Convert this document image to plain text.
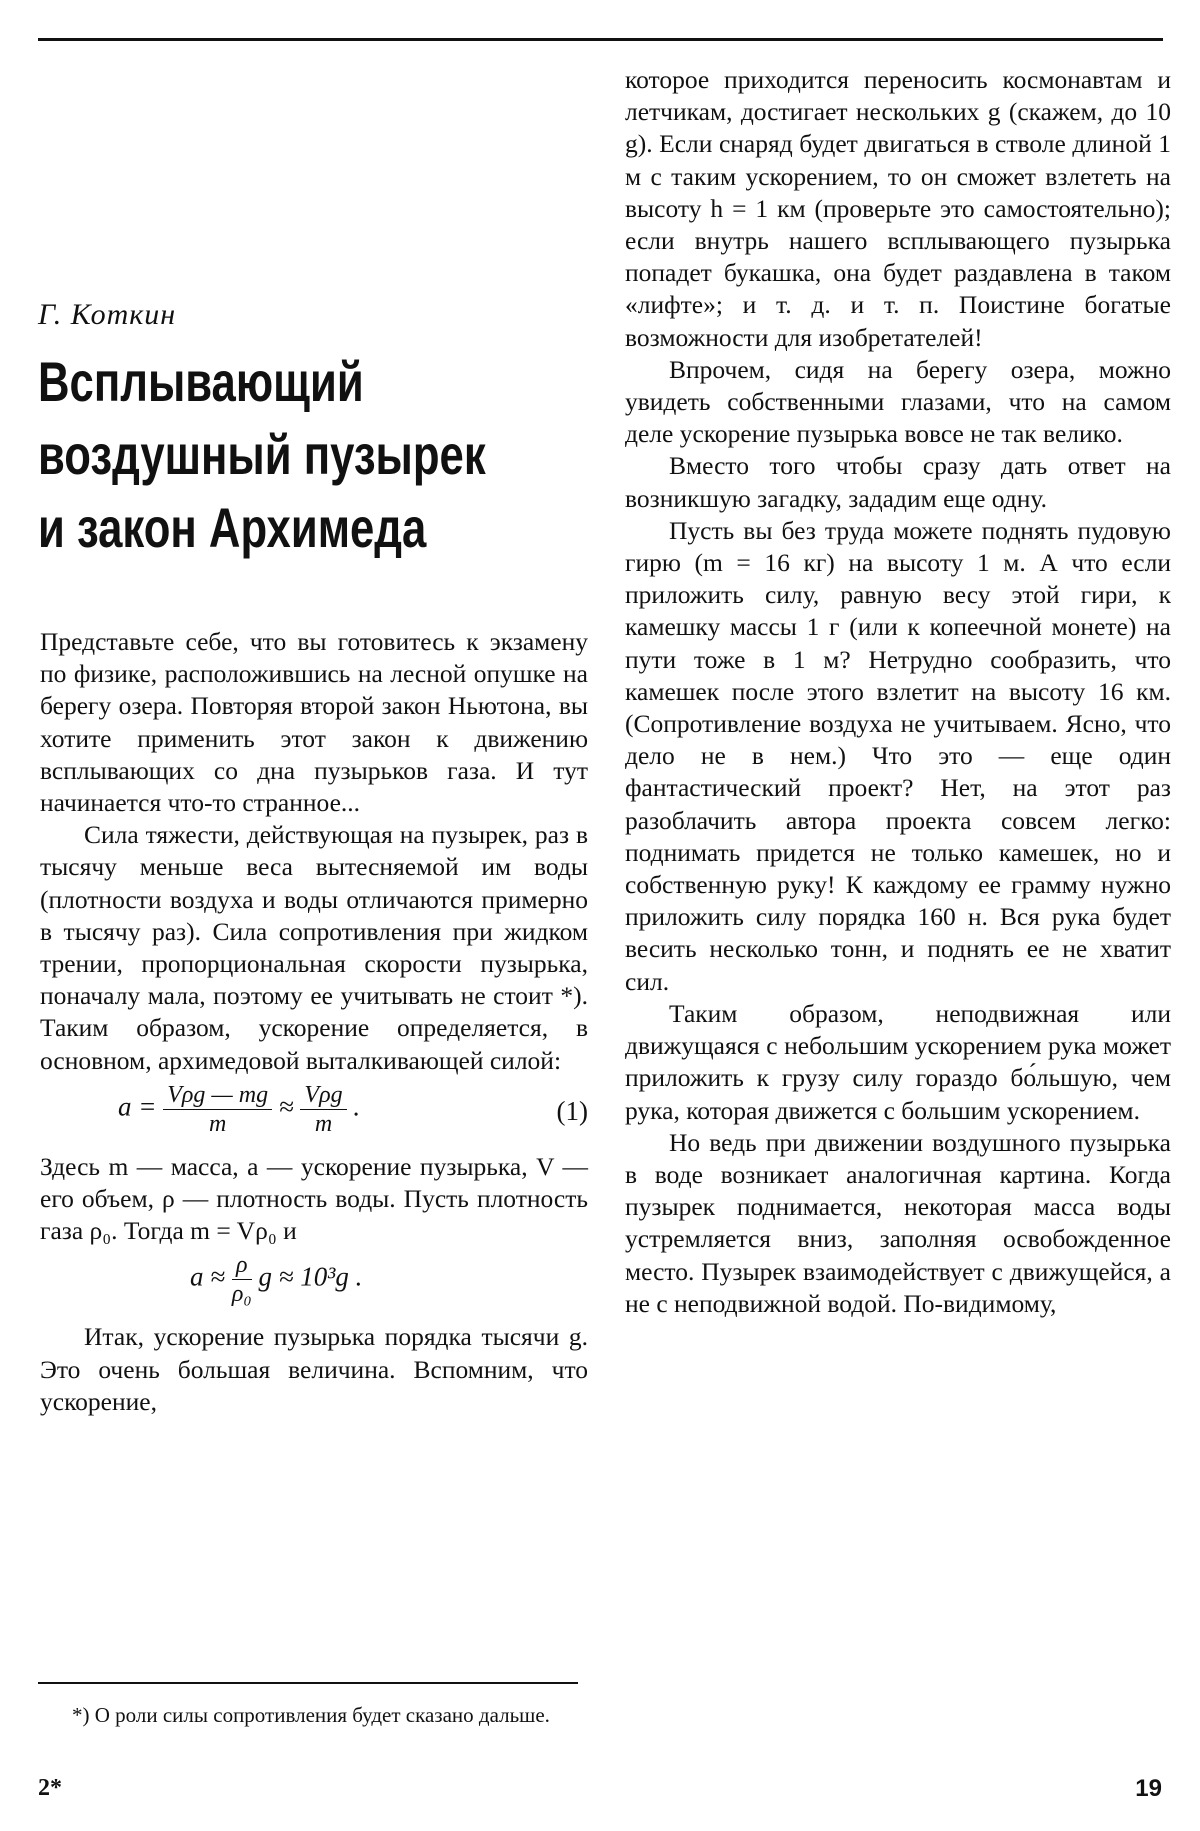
Г. Коткин
Всплывающий
воздушный пузырек
и закон Архимеда

Представьте себе, что вы готовитесь к экзамену по физике, расположившись на лесной опушке на берегу озера. Повторяя второй закон Ньютона, вы хотите применить этот закон к движению всплывающих со дна пузырьков газа. И тут начинается что-то странное...

Сила тяжести, действующая на пузырек, раз в тысячу меньше веса вытесняемой им воды (плотности воздуха и воды отличаются примерно в тысячу раз). Сила сопротивления при жидком трении, пропорциональная скорости пузырька, поначалу мала, поэтому ее учитывать не стоит *). Таким образом, ускорение определяется, в основном, архимедовой выталкивающей силой:

$a = \frac{\text{Vρg — mg}}{m} \approx \frac{\text{Vρg}}{m}$ .	(1)

Здесь m — масса, a — ускорение пузырька, V — его объем, ρ — плотность воды. Пусть плотность газа ρ₀. Тогда m = Vρ₀ и

$a \approx \frac{\rho}{\text{ρ₀}}$ g ≈ 10³g .

Итак, ускорение пузырька порядка тысячи g. Это очень большая величина. Вспомним, что ускорение,

*) О роли силы сопротивления будет сказано дальше.

которое приходится переносить космонавтам и летчикам, достигает нескольких g (скажем, до 10 g). Если снаряд будет двигаться в стволе длиной 1 м с таким ускорением, то он сможет взлететь на высоту h = 1 км (проверьте это самостоятельно); если внутрь нашего всплывающего пузырька попадет букашка, она будет раздавлена в таком «лифте»; и т. д. и т. п. Поистине богатые возможности для изобретателей!

Впрочем, сидя на берегу озера, можно увидеть собственными глазами, что на самом деле ускорение пузырька вовсе не так велико.

Вместо того чтобы сразу дать ответ на возникшую загадку, зададим еще одну.

Пусть вы без труда можете поднять пудовую гирю (m = 16 кг) на высоту 1 м. А что если приложить силу, равную весу этой гири, к камешку массы 1 г (или к копеечной монете) на пути тоже в 1 м? Нетрудно сообразить, что камешек после этого взлетит на высоту 16 км. (Сопротивление воздуха не учитываем. Ясно, что дело не в нем.) Что это — еще один фантастический проект? Нет, на этот раз разоблачить автора проекта совсем легко: поднимать придется не только камешек, но и собственную руку! К каждому ее грамму нужно приложить силу порядка 160 н. Вся рука будет весить несколько тонн, и поднять ее не хватит сил.

Таким образом, неподвижная или движущаяся с небольшим ускорением рука может приложить к грузу силу гораздо бо́льшую, чем рука, которая движется с большим ускорением.

Но ведь при движении воздушного пузырька в воде возникает аналогичная картина. Когда пузырек поднимается, некоторая масса воды устремляется вниз, заполняя освобожденное место. Пузырек взаимодействует с движущейся, а не с неподвижной водой. По-видимому,

2*	19
